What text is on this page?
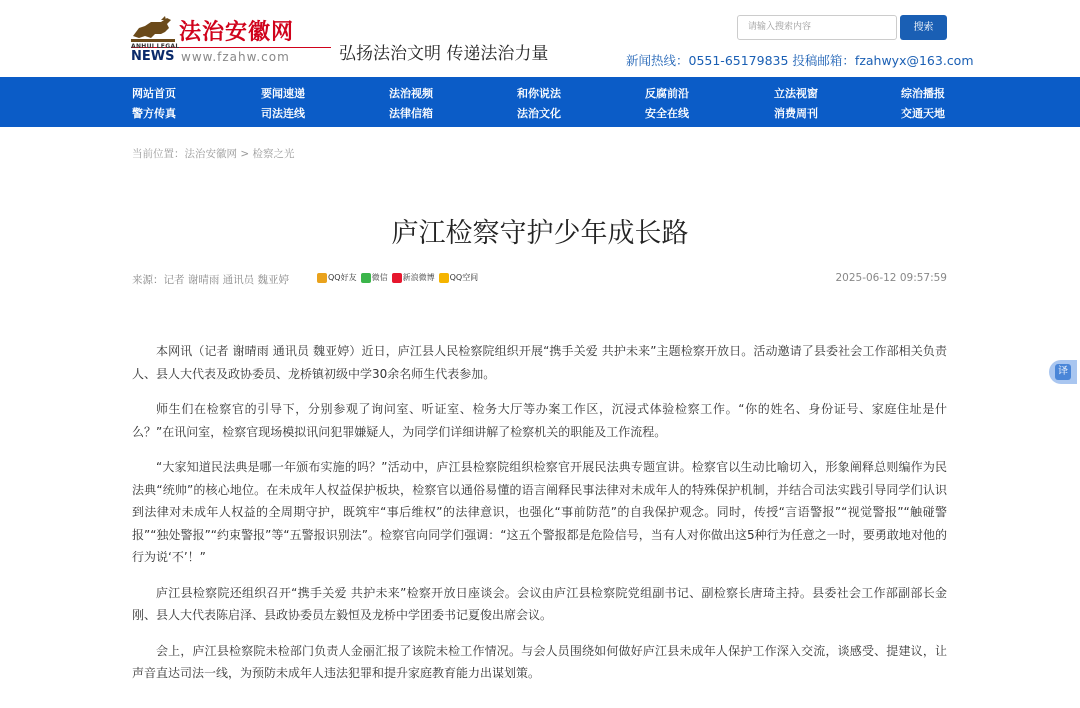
法治安徽网
ANHUI LEGAL
NEWS www.fzahw.com	弘扬法治文明 传递法治力量
请输入搜索内容	搜索
新闻热线：0551-65179835 投稿邮箱：fzahwyx@163.com
网站首页	要闻速递	法治视频	和你说法	反腐前沿	立法视窗	综治播报
警方传真	司法连线	法律信箱	法治文化	安全在线	消费周刊	交通天地
当前位置：法治安徽网 > 检察之光
庐江检察守护少年成长路
来源：记者 谢晴雨 通讯员 魏亚婷	QQ好友 微信 新浪微博 QQ空间	2025-06-12 09:57:59

本网讯（记者 谢晴雨 通讯员 魏亚婷）近日，庐江县人民检察院组织开展“携手关爱 共护未来”主题检察开放日。活动邀请了县委社会工作部相关负责人、县人大代表及政协委员、龙桥镇初级中学30余名师生代表参加。

师生们在检察官的引导下，分别参观了询问室、听证室、检务大厅等办案工作区，沉浸式体验检察工作。“你的姓名、身份证号、家庭住址是什么？”在讯问室，检察官现场模拟讯问犯罪嫌疑人，为同学们详细讲解了检察机关的职能及工作流程。

“大家知道民法典是哪一年颁布实施的吗？”活动中，庐江县检察院组织检察官开展民法典专题宣讲。检察官以生动比喻切入，形象阐释总则编作为民法典“统帅”的核心地位。在未成年人权益保护板块，检察官以通俗易懂的语言阐释民事法律对未成年人的特殊保护机制，并结合司法实践引导同学们认识到法律对未成年人权益的全周期守护，既筑牢“事后维权”的法律意识，也强化“事前防范”的自我保护观念。同时，传授“言语警报”“视觉警报”“触碰警报”“独处警报”“约束警报”等“五警报识别法”。检察官向同学们强调：“这五个警报都是危险信号，当有人对你做出这5种行为任意之一时，要勇敢地对他的行为说‘不’！”

庐江县检察院还组织召开“携手关爱 共护未来”检察开放日座谈会。会议由庐江县检察院党组副书记、副检察长唐琦主持。县委社会工作部副部长金刚、县人大代表陈启泽、县政协委员左毅恒及龙桥中学团委书记夏俊出席会议。

会上，庐江县检察院未检部门负责人金丽汇报了该院未检工作情况。与会人员围绕如何做好庐江县未成年人保护工作深入交流，谈感受、提建议，让声音直达司法一线，为预防未成年人违法犯罪和提升家庭教育能力出谋划策。

译
